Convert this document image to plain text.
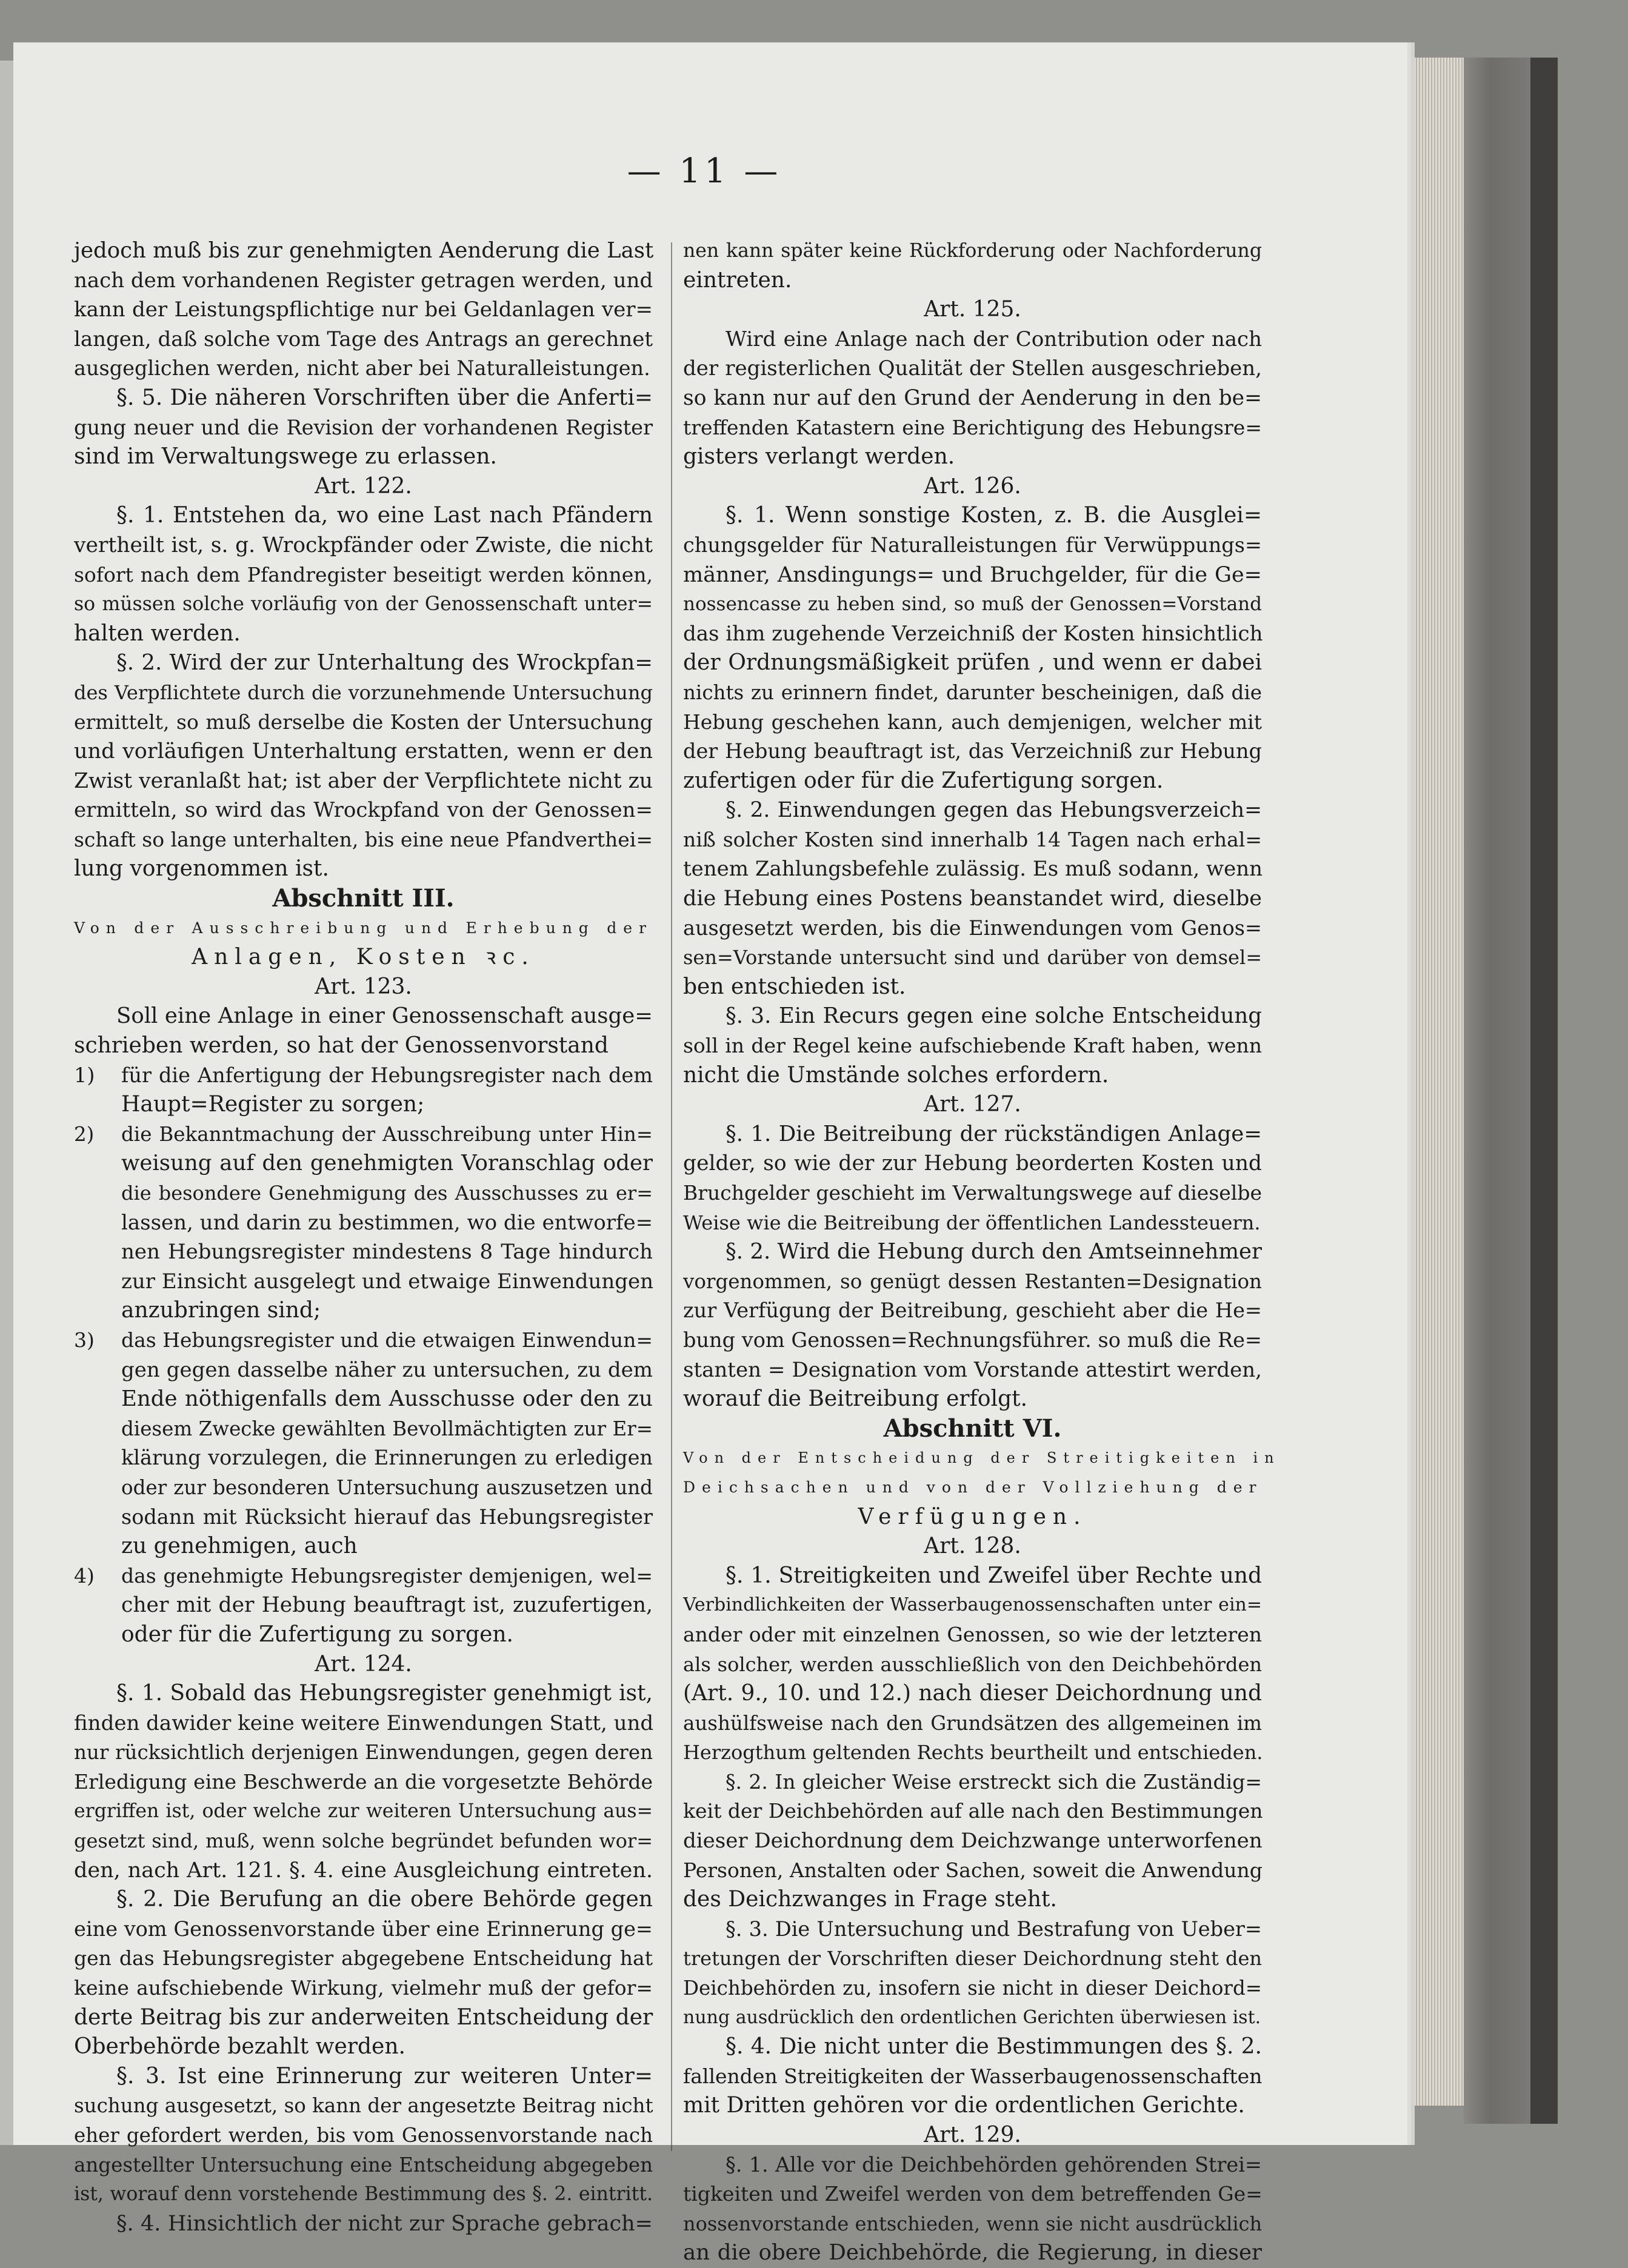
— 11 —
jedoch muß bis zur genehmigten Aenderung die Last
nach dem vorhandenen Register getragen werden, und
kann der Leistungspflichtige nur bei Geldanlagen ver=
langen, daß solche vom Tage des Antrags an gerechnet
ausgeglichen werden, nicht aber bei Naturalleistungen.
§. 5. Die näheren Vorschriften über die Anferti=
gung neuer und die Revision der vorhandenen Register
sind im Verwaltungswege zu erlassen.
Art. 122.
§. 1. Entstehen da, wo eine Last nach Pfändern
vertheilt ist, s. g. Wrockpfänder oder Zwiste, die nicht
sofort nach dem Pfandregister beseitigt werden können,
so müssen solche vorläufig von der Genossenschaft unter=
halten werden.
§. 2. Wird der zur Unterhaltung des Wrockpfan=
des Verpflichtete durch die vorzunehmende Untersuchung
ermittelt, so muß derselbe die Kosten der Untersuchung
und vorläufigen Unterhaltung erstatten, wenn er den
Zwist veranlaßt hat; ist aber der Verpflichtete nicht zu
ermitteln, so wird das Wrockpfand von der Genossen=
schaft so lange unterhalten, bis eine neue Pfandverthei=
lung vorgenommen ist.
Abschnitt III.
Von der Ausschreibung und Erhebung der
Anlagen, Kosten ꝛc.
Art. 123.
Soll eine Anlage in einer Genossenschaft ausge=
schrieben werden, so hat der Genossenvorstand
1) für die Anfertigung der Hebungsregister nach dem
Haupt=Register zu sorgen;
2) die Bekanntmachung der Ausschreibung unter Hin=
weisung auf den genehmigten Voranschlag oder
die besondere Genehmigung des Ausschusses zu er=
lassen, und darin zu bestimmen, wo die entworfe=
nen Hebungsregister mindestens 8 Tage hindurch
zur Einsicht ausgelegt und etwaige Einwendungen
anzubringen sind;
3) das Hebungsregister und die etwaigen Einwendun=
gen gegen dasselbe näher zu untersuchen, zu dem
Ende nöthigenfalls dem Ausschusse oder den zu
diesem Zwecke gewählten Bevollmächtigten zur Er=
klärung vorzulegen, die Erinnerungen zu erledigen
oder zur besonderen Untersuchung auszusetzen und
sodann mit Rücksicht hierauf das Hebungsregister
zu genehmigen, auch
4) das genehmigte Hebungsregister demjenigen, wel=
cher mit der Hebung beauftragt ist, zuzufertigen,
oder für die Zufertigung zu sorgen.
Art. 124.
§. 1. Sobald das Hebungsregister genehmigt ist,
finden dawider keine weitere Einwendungen Statt, und
nur rücksichtlich derjenigen Einwendungen, gegen deren
Erledigung eine Beschwerde an die vorgesetzte Behörde
ergriffen ist, oder welche zur weiteren Untersuchung aus=
gesetzt sind, muß, wenn solche begründet befunden wor=
den, nach Art. 121. §. 4. eine Ausgleichung eintreten.
§. 2. Die Berufung an die obere Behörde gegen
eine vom Genossenvorstande über eine Erinnerung ge=
gen das Hebungsregister abgegebene Entscheidung hat
keine aufschiebende Wirkung, vielmehr muß der gefor=
derte Beitrag bis zur anderweiten Entscheidung der
Oberbehörde bezahlt werden.
§. 3. Ist eine Erinnerung zur weiteren Unter=
suchung ausgesetzt, so kann der angesetzte Beitrag nicht
eher gefordert werden, bis vom Genossenvorstande nach
angestellter Untersuchung eine Entscheidung abgegeben
ist, worauf denn vorstehende Bestimmung des §. 2. eintritt.
§. 4. Hinsichtlich der nicht zur Sprache gebrach=
nen kann später keine Rückforderung oder Nachforderung
eintreten.
Art. 125.
Wird eine Anlage nach der Contribution oder nach
der registerlichen Qualität der Stellen ausgeschrieben,
so kann nur auf den Grund der Aenderung in den be=
treffenden Katastern eine Berichtigung des Hebungsre=
gisters verlangt werden.
Art. 126.
§. 1. Wenn sonstige Kosten, z. B. die Ausglei=
chungsgelder für Naturalleistungen für Verwüppungs=
männer, Ansdingungs= und Bruchgelder, für die Ge=
nossencasse zu heben sind, so muß der Genossen=Vorstand
das ihm zugehende Verzeichniß der Kosten hinsichtlich
der Ordnungsmäßigkeit prüfen , und wenn er dabei
nichts zu erinnern findet, darunter bescheinigen, daß die
Hebung geschehen kann, auch demjenigen, welcher mit
der Hebung beauftragt ist, das Verzeichniß zur Hebung
zufertigen oder für die Zufertigung sorgen.
§. 2. Einwendungen gegen das Hebungsverzeich=
niß solcher Kosten sind innerhalb 14 Tagen nach erhal=
tenem Zahlungsbefehle zulässig. Es muß sodann, wenn
die Hebung eines Postens beanstandet wird, dieselbe
ausgesetzt werden, bis die Einwendungen vom Genos=
sen=Vorstande untersucht sind und darüber von demsel=
ben entschieden ist.
§. 3. Ein Recurs gegen eine solche Entscheidung
soll in der Regel keine aufschiebende Kraft haben, wenn
nicht die Umstände solches erfordern.
Art. 127.
§. 1. Die Beitreibung der rückständigen Anlage=
gelder, so wie der zur Hebung beorderten Kosten und
Bruchgelder geschieht im Verwaltungswege auf dieselbe
Weise wie die Beitreibung der öffentlichen Landessteuern.
§. 2. Wird die Hebung durch den Amtseinnehmer
vorgenommen, so genügt dessen Restanten=Designation
zur Verfügung der Beitreibung, geschieht aber die He=
bung vom Genossen=Rechnungsführer. so muß die Re=
stanten = Designation vom Vorstande attestirt werden,
worauf die Beitreibung erfolgt.
Abschnitt VI.
Von der Entscheidung der Streitigkeiten in
Deichsachen und von der Vollziehung der
Verfügungen.
Art. 128.
§. 1. Streitigkeiten und Zweifel über Rechte und
Verbindlichkeiten der Wasserbaugenossenschaften unter ein=
ander oder mit einzelnen Genossen, so wie der letzteren
als solcher, werden ausschließlich von den Deichbehörden
(Art. 9., 10. und 12.) nach dieser Deichordnung und
aushülfsweise nach den Grundsätzen des allgemeinen im
Herzogthum geltenden Rechts beurtheilt und entschieden.
§. 2. In gleicher Weise erstreckt sich die Zuständig=
keit der Deichbehörden auf alle nach den Bestimmungen
dieser Deichordnung dem Deichzwange unterworfenen
Personen, Anstalten oder Sachen, soweit die Anwendung
des Deichzwanges in Frage steht.
§. 3. Die Untersuchung und Bestrafung von Ueber=
tretungen der Vorschriften dieser Deichordnung steht den
Deichbehörden zu, insofern sie nicht in dieser Deichord=
nung ausdrücklich den ordentlichen Gerichten überwiesen ist.
§. 4. Die nicht unter die Bestimmungen des §. 2.
fallenden Streitigkeiten der Wasserbaugenossenschaften
mit Dritten gehören vor die ordentlichen Gerichte.
Art. 129.
§. 1. Alle vor die Deichbehörden gehörenden Strei=
tigkeiten und Zweifel werden von dem betreffenden Ge=
nossenvorstande entschieden, wenn sie nicht ausdrücklich
an die obere Deichbehörde, die Regierung, in dieser
